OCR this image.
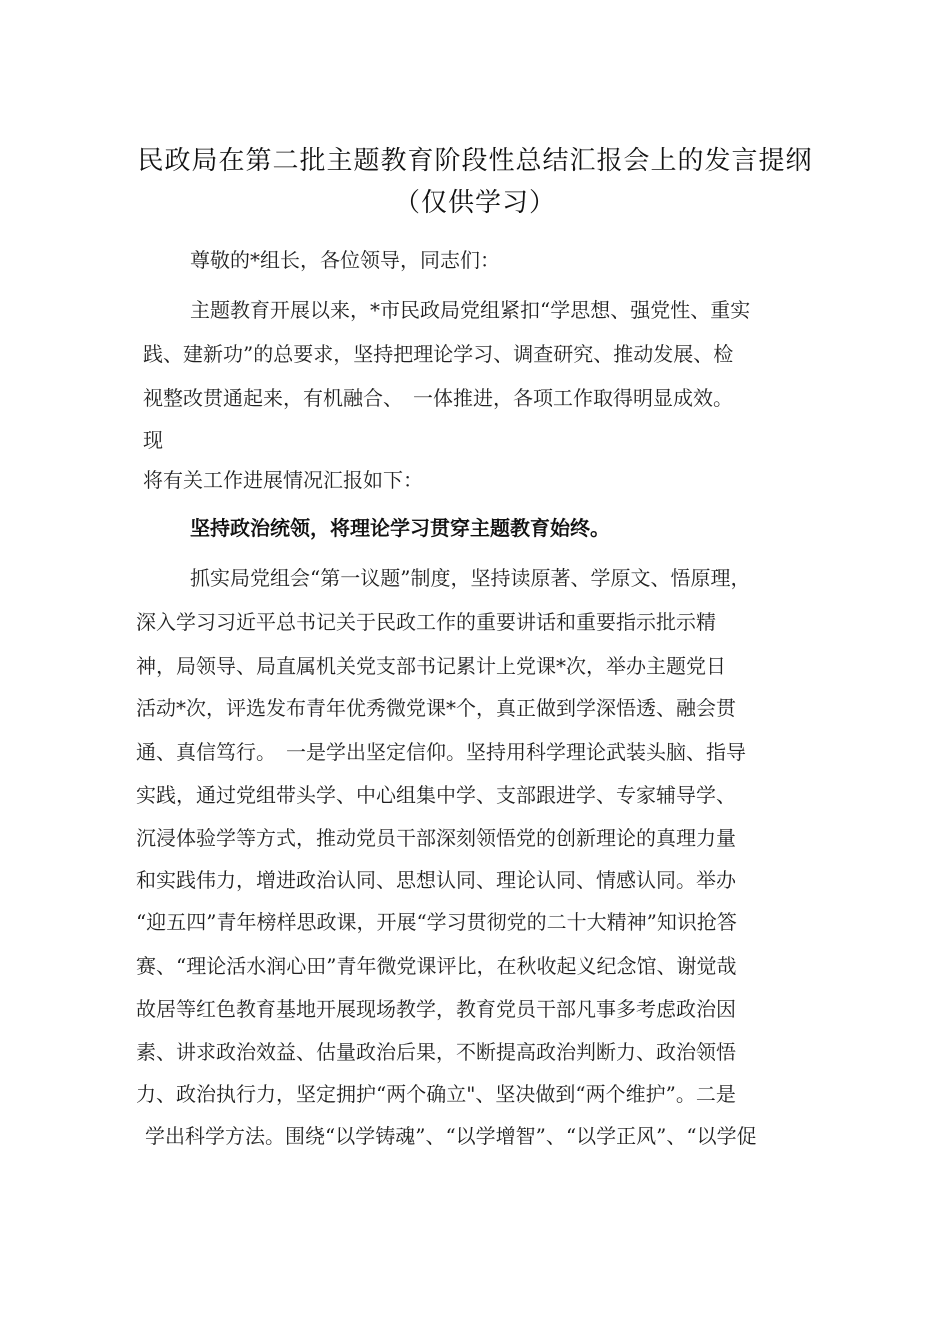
民政局在第二批主题教育阶段性总结汇报会上的发言提纲
（仅供学习）
尊敬的*组长，各位领导，同志们：
主题教育开展以来，*市民政局党组紧扣“学思想、强党性、重实
践、建新功”的总要求，坚持把理论学习、调查研究、推动发展、检
视整改贯通起来，有机融合、　一体推进，各项工作取得明显成效。
现
将有关工作进展情况汇报如下：
坚持政治统领，将理论学习贯穿主题教育始终。
抓实局党组会“第一议题”制度，坚持读原著、学原文、悟原理，
深入学习习近平总书记关于民政工作的重要讲话和重要指示批示精
神，局领导、局直属机关党支部书记累计上党课*次，举办主题党日
活动*次，评选发布青年优秀微党课*个，真正做到学深悟透、融会贯
通、真信笃行。　一是学出坚定信仰。坚持用科学理论武装头脑、指导
实践，通过党组带头学、中心组集中学、支部跟进学、专家辅导学、
沉浸体验学等方式，推动党员干部深刻领悟党的创新理论的真理力量
和实践伟力，增进政治认同、思想认同、理论认同、情感认同。举办
“迎五四”青年榜样思政课，开展“学习贯彻党的二十大精神”知识抢答
赛、“理论活水润心田”青年微党课评比，在秋收起义纪念馆、谢觉哉
故居等红色教育基地开展现场教学，教育党员干部凡事多考虑政治因
素、讲求政治效益、估量政治后果，不断提高政治判断力、政治领悟
力、政治执行力，坚定拥护“两个确立"、坚决做到“两个维护”。二是
学出科学方法。围绕“以学铸魂”、“以学增智”、“以学正风”、“以学促
